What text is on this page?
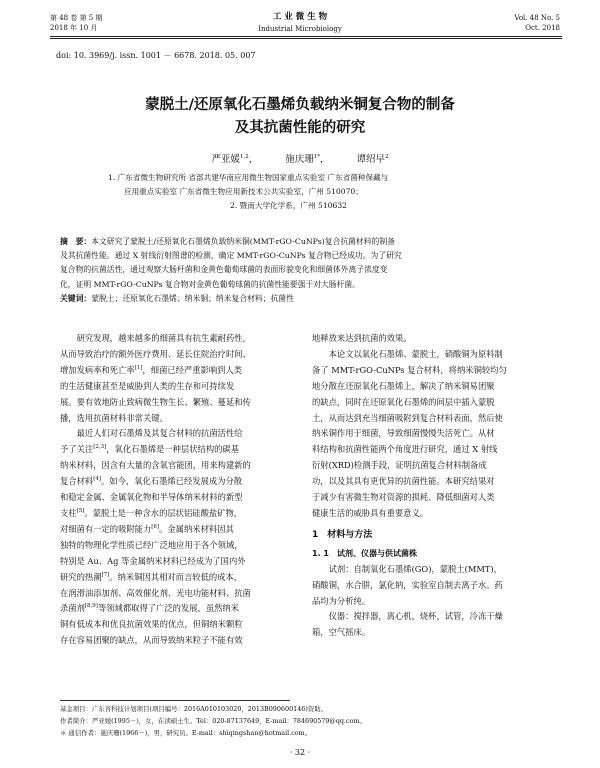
第 48 卷 第 5 期
2018 年 10 月
工 业 微 生 物
Industrial Microbiology
Vol. 48 No. 5
Oct. 2018
doi: 10. 3969/j. issn. 1001 － 6678. 2018. 05. 007
蒙脱土/还原氧化石墨烯负载纳米铜复合物的制备
及其抗菌性能的研究
严亚媛$^{1,2}$，	施庆珊$^{1*}$，	谭绍早$^2$
1. 广东省微生物研究所 省部共建华南应用微生物国家重点实验室 广东省菌种保藏与
应用重点实验室 广东省微生物应用新技术公共实验室，广州 510070；
2. 暨南大学化学系，广州 510632
摘　要：本文研究了蒙脱土/还原氧化石墨烯负载纳米铜(MMT-rGO-CuNPs)复合抗菌材料的制备
及其抗菌性能。通过 X 射线衍射图谱的检测，确定 MMT-rGO-CuNPs 复合物已经成功。为了研究
复合物的抗菌活性，通过观察大肠杆菌和金黄色葡萄球菌的表面形貌变化和细菌体外离子浓度变
化，证明 MMT-rGO-CuNPs 复合物对金黄色葡萄球菌的抗菌性能要强于对大肠杆菌。
关键词：蒙脱土；还原氧化石墨烯；纳米铜；纳米复合材料；抗菌性
研究发现，越来越多的细菌具有抗生素耐药性，
从而导致治疗的额外医疗费用、延长住院治疗时间、
增加发病率和死亡率[1]，细菌已经严重影响到人类
的生活健康甚至是威胁到人类的生存和可持续发
展。要有效地防止致病微生物生长、繁殖、蔓延和传
播，选用抗菌材料非常关键。
最近人们对石墨烯及其复合材料的抗菌活性给
予了关注[2,3]，氧化石墨烯是一种层状结构的碳基
纳米材料，因含有大量的含氧官能团，用来构建新的
复合材料[4]。如今，氧化石墨烯已经发展成为分散
和稳定金属、金属氧化物和半导体纳米材料的新型
支柱[5]。蒙脱土是一种含水的层状铝硅酸盐矿物，
对细菌有一定的吸附能力[6]。金属纳米材料因其
独特的物理化学性质已经广泛地应用于各个领域，
特别是 Au、Ag 等金属纳米材料已经成为了国内外
研究的热潮[7]。纳米铜因其相对而言较低的成本，
在润滑油添加剂、高效催化剂、光电功能材料、抗菌
杀菌剂[8,9]等领域都取得了广泛的发展，虽然纳米
铜有低成本和优良抗菌效果的优点，但铜纳米颗粒
存在容易团聚的缺点，从而导致纳米粒子不能有效
地释放来达到抗菌的效果。
本论文以氧化石墨烯、蒙脱土，硝酸铜为原料制
备了 MMT-rGO-CuNPs 复合材料，将纳米铜较均匀
地分散在还原氧化石墨烯上，解决了纳米铜易团聚
的缺点，同时在还原氧化石墨烯的间层中插入蒙脱
土，从而达到充当细菌吸附到复合材料表面，然后使
纳米铜作用于细菌，导致细菌慢慢失活死亡。从材
料结构和抗菌性能两个角度进行研究，通过 X 射线
衍射(XRD)检测手段，证明抗菌复合材料制备成
功，以及其具有更优异的抗菌性能。本研究结果对
于减少有害微生物对资源的损耗、降低细菌对人类
健康生活的威胁具有重要意义。
1　材料与方法
1. 1　试剂、仪器与供试菌株
试剂：自制氧化石墨烯(GO)，蒙脱土(MMT)，
硝酸铜，水合肼，氯化钠，实验室自制去离子水。药
品均为分析纯。
仪器：搅拌器，离心机，烧杯，试管，冷冻干燥
箱，空气摇床。
基金项目：广东省科技计划项目(项目编号：2016A010103020，2013B090600146)资助。
作者简介：严亚媛(1995－)，女，在读硕士生。Tel：020-87137649，E-mail：784690579@qq.com。
＊ 通信作者：施庆珊(1966－)，男，研究员。E-mail：shiqingshan@hotmail.com。
· 32 ·
